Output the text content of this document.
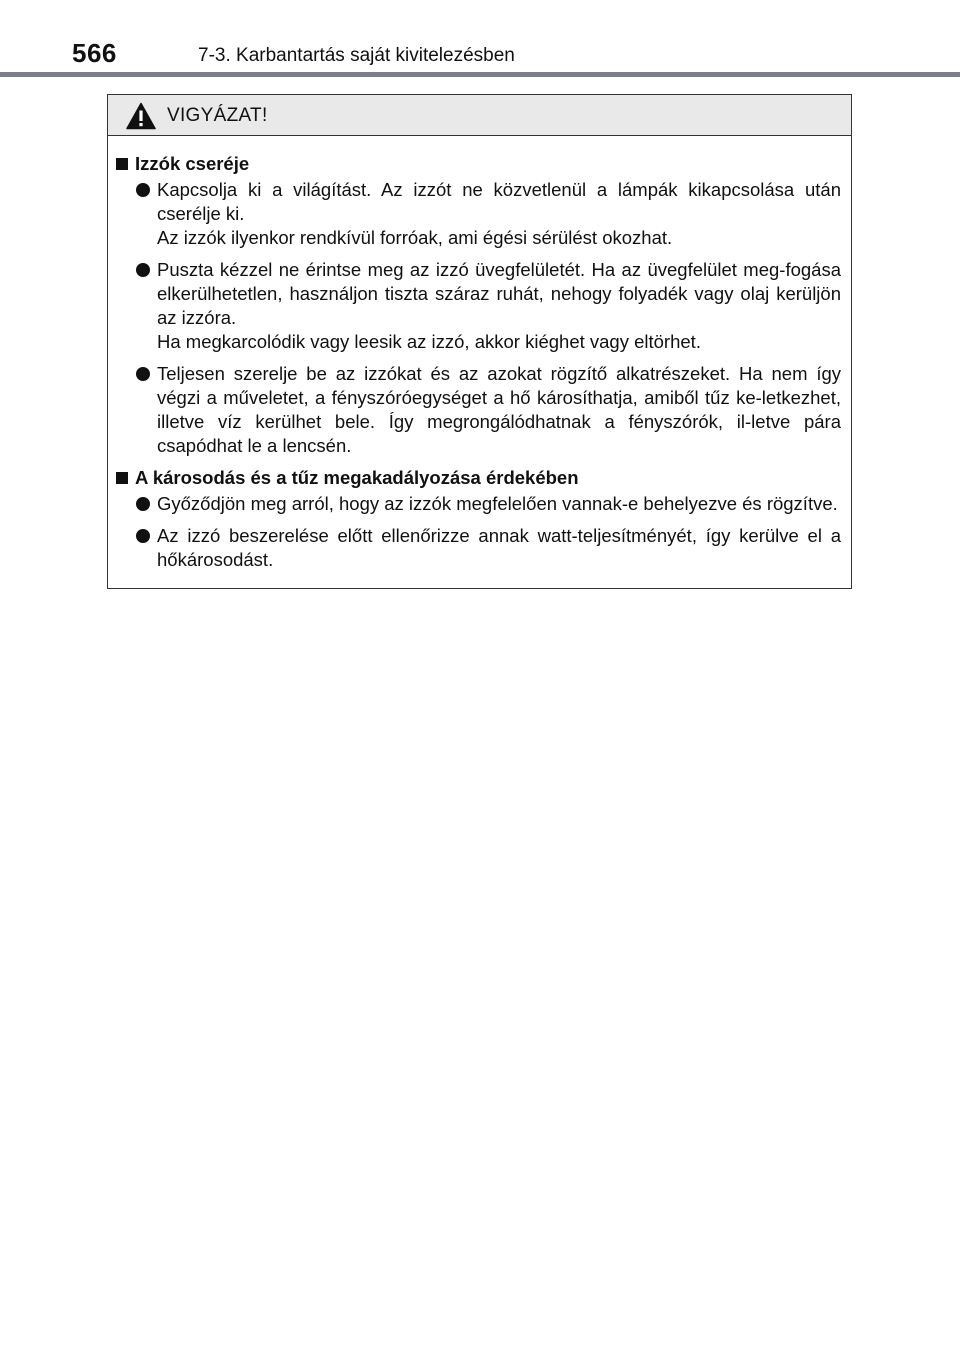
566	7-3. Karbantartás saját kivitelezésben
VIGYÁZAT!
Izzók cseréje

Kapcsolja ki a világítást. Az izzót ne közvetlenül a lámpák kikapcsolása után cserélje ki.

Az izzók ilyenkor rendkívül forróak, ami égési sérülést okozhat.

Puszta kézzel ne érintse meg az izzó üvegfelületét. Ha az üvegfelület meg-fogása elkerülhetetlen, használjon tiszta száraz ruhát, nehogy folyadék vagy olaj kerüljön az izzóra.

Ha megkarcolódik vagy leesik az izzó, akkor kiéghet vagy eltörhet.

Teljesen szerelje be az izzókat és az azokat rögzítő alkatrészeket. Ha nem így végzi a műveletet, a fényszóróegységet a hő károsíthatja, amiből tűz ke-letkezhet, illetve víz kerülhet bele. Így megrongálódhatnak a fényszórók, il-letve pára csapódhat le a lencsén.

A károsodás és a tűz megakadályozása érdekében

Győződjön meg arról, hogy az izzók megfelelően vannak-e behelyezve és rögzítve.

Az izzó beszerelése előtt ellenőrizze annak watt-teljesítményét, így kerülve el a hőkárosodást.
